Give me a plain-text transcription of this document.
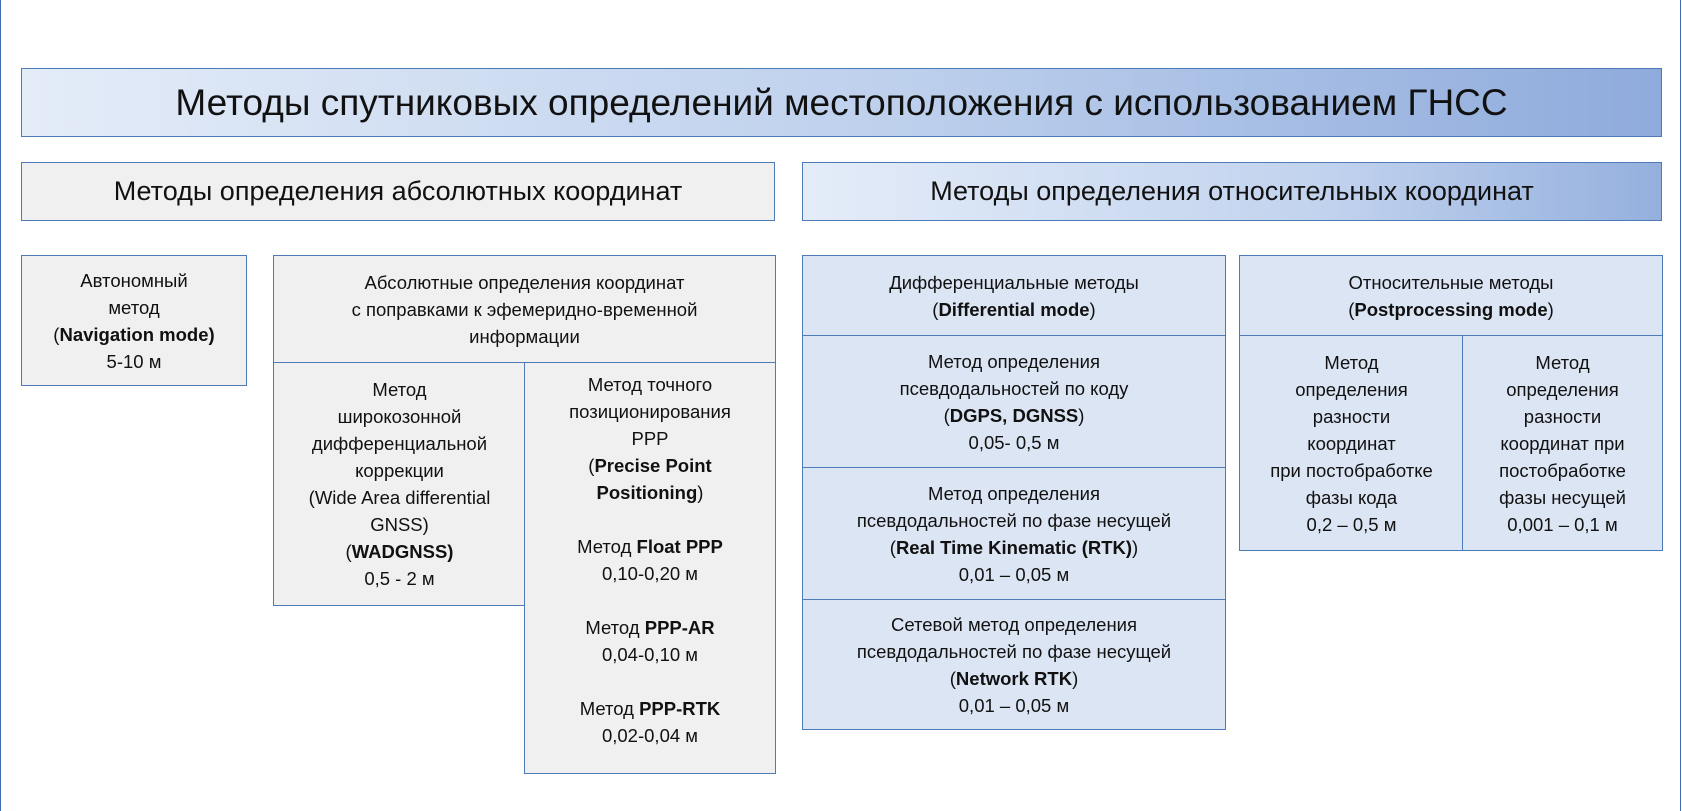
Методы спутниковых определений местоположения с использованием ГНСС
Методы определения абсолютных координат	Методы определения относительных координат
Автономный
метод
(Navigation mode)
5-10 м
Абсолютные определения координат
с поправками к эфемеридно-временной
информации
Метод
широкозонной
дифференциальной
коррекции
(Wide Area differential
GNSS)
(WADGNSS)
0,5 - 2 м
Метод точного
позиционирования
PPP
(Precise Point
Positioning)
Метод Float PPP
0,10-0,20 м
Метод PPP-AR
0,04-0,10 м
Метод PPP-RTK
0,02-0,04 м
Дифференциальные методы
(Differential mode)
Метод определения
псевдодальностей по коду
(DGPS, DGNSS)
0,05- 0,5 м
Метод определения
псевдодальностей по фазе несущей
(Real Time Kinematic (RTK))
0,01 – 0,05 м
Сетевой метод определения
псевдодальностей по фазе несущей
(Network RTK)
0,01 – 0,05 м
Относительные методы
(Postprocessing mode)
Метод
определения
разности
координат
при постобработке
фазы кода
0,2 – 0,5 м
Метод
определения
разности
координат при
постобработке
фазы несущей
0,001 – 0,1 м
